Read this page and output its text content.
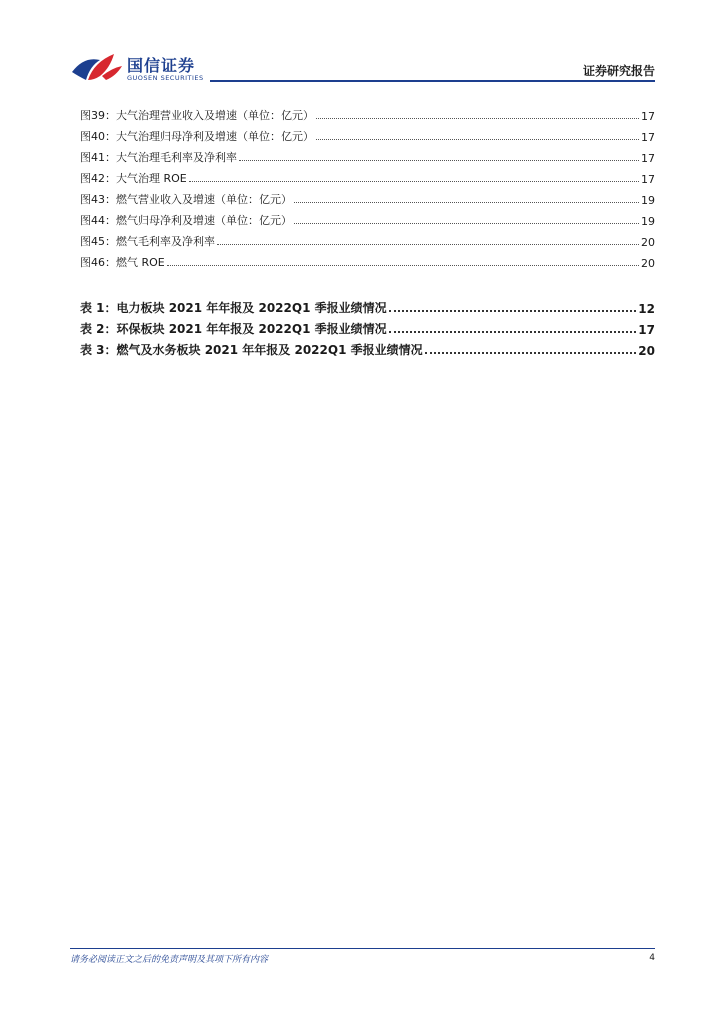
国信证券
GUOSEN SECURITIES	证券研究报告
图39： 大气治理营业收入及增速（单位：亿元）	17
图40： 大气治理归母净利及增速（单位：亿元）	17
图41： 大气治理毛利率及净利率	17
图42： 大气治理 ROE	17
图43： 燃气营业收入及增速（单位：亿元）	19
图44： 燃气归母净利及增速（单位：亿元）	19
图45： 燃气毛利率及净利率	20
图46： 燃气 ROE	20
表 1： 电力板块 2021 年年报及 2022Q1 季报业绩情况	12
表 2： 环保板块 2021 年年报及 2022Q1 季报业绩情况	17
表 3： 燃气及水务板块 2021 年年报及 2022Q1 季报业绩情况	20
请务必阅读正文之后的免责声明及其项下所有内容	4
